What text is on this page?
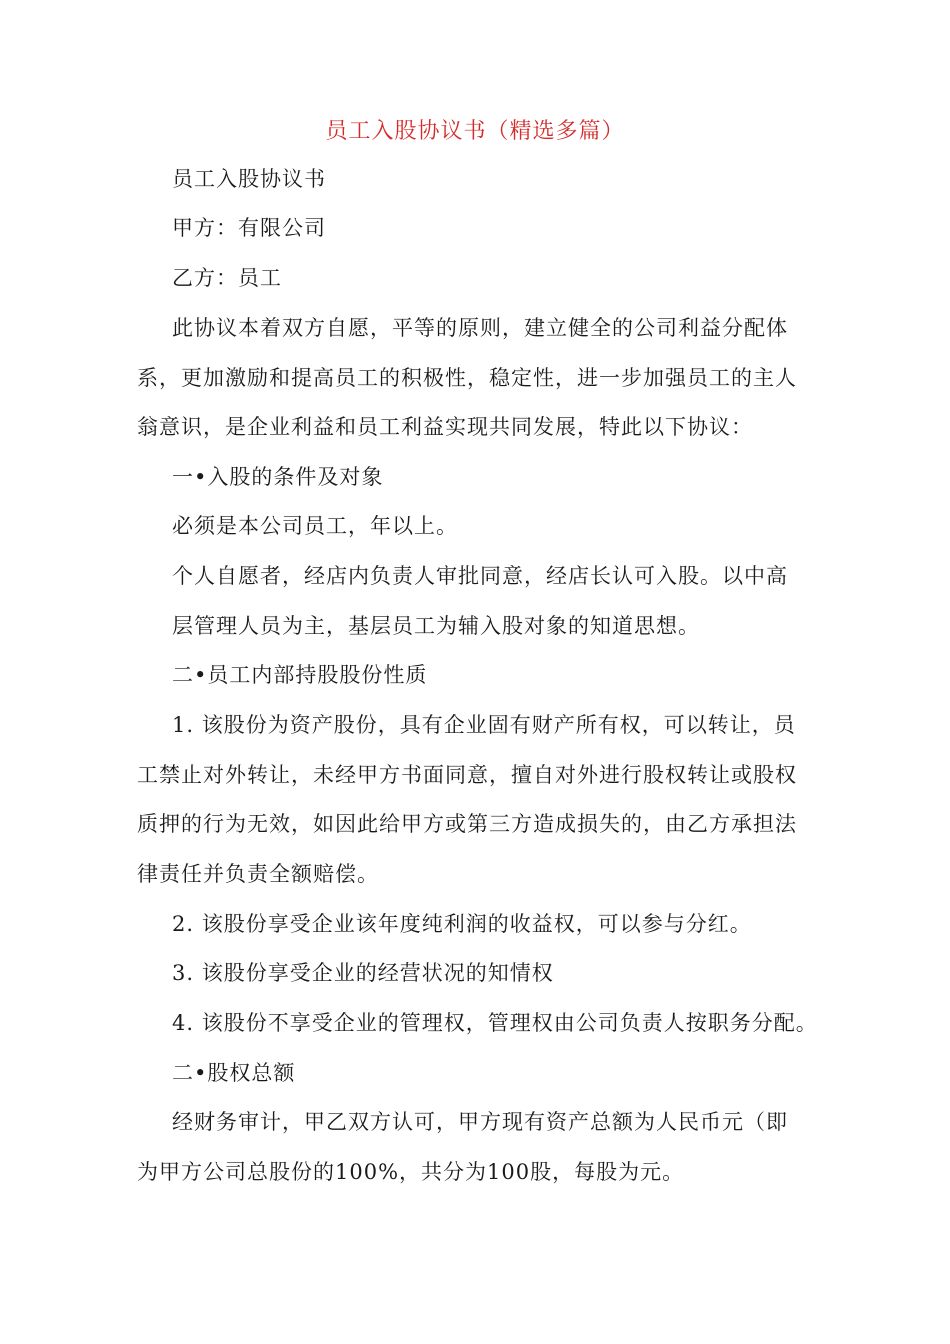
员工入股协议书（精选多篇）
员工入股协议书
甲方：有限公司
乙方：员工
此协议本着双方自愿，平等的原则，建立健全的公司利益分配体
系，更加激励和提高员工的积极性，稳定性，进一步加强员工的主人
翁意识，是企业利益和员工利益实现共同发展，特此以下协议：
一•入股的条件及对象
必须是本公司员工，年以上。
个人自愿者，经店内负责人审批同意，经店长认可入股。以中高
层管理人员为主，基层员工为辅入股对象的知道思想。
二•员工内部持股股份性质
1. 该股份为资产股份，具有企业固有财产所有权，可以转让，员
工禁止对外转让，未经甲方书面同意，擅自对外进行股权转让或股权
质押的行为无效，如因此给甲方或第三方造成损失的，由乙方承担法
律责任并负责全额赔偿。
2. 该股份享受企业该年度纯利润的收益权，可以参与分红。
3. 该股份享受企业的经营状况的知情权
4. 该股份不享受企业的管理权，管理权由公司负责人按职务分配。
二•股权总额
经财务审计，甲乙双方认可，甲方现有资产总额为人民币元（即
为甲方公司总股份的100%，共分为100股，每股为元。
